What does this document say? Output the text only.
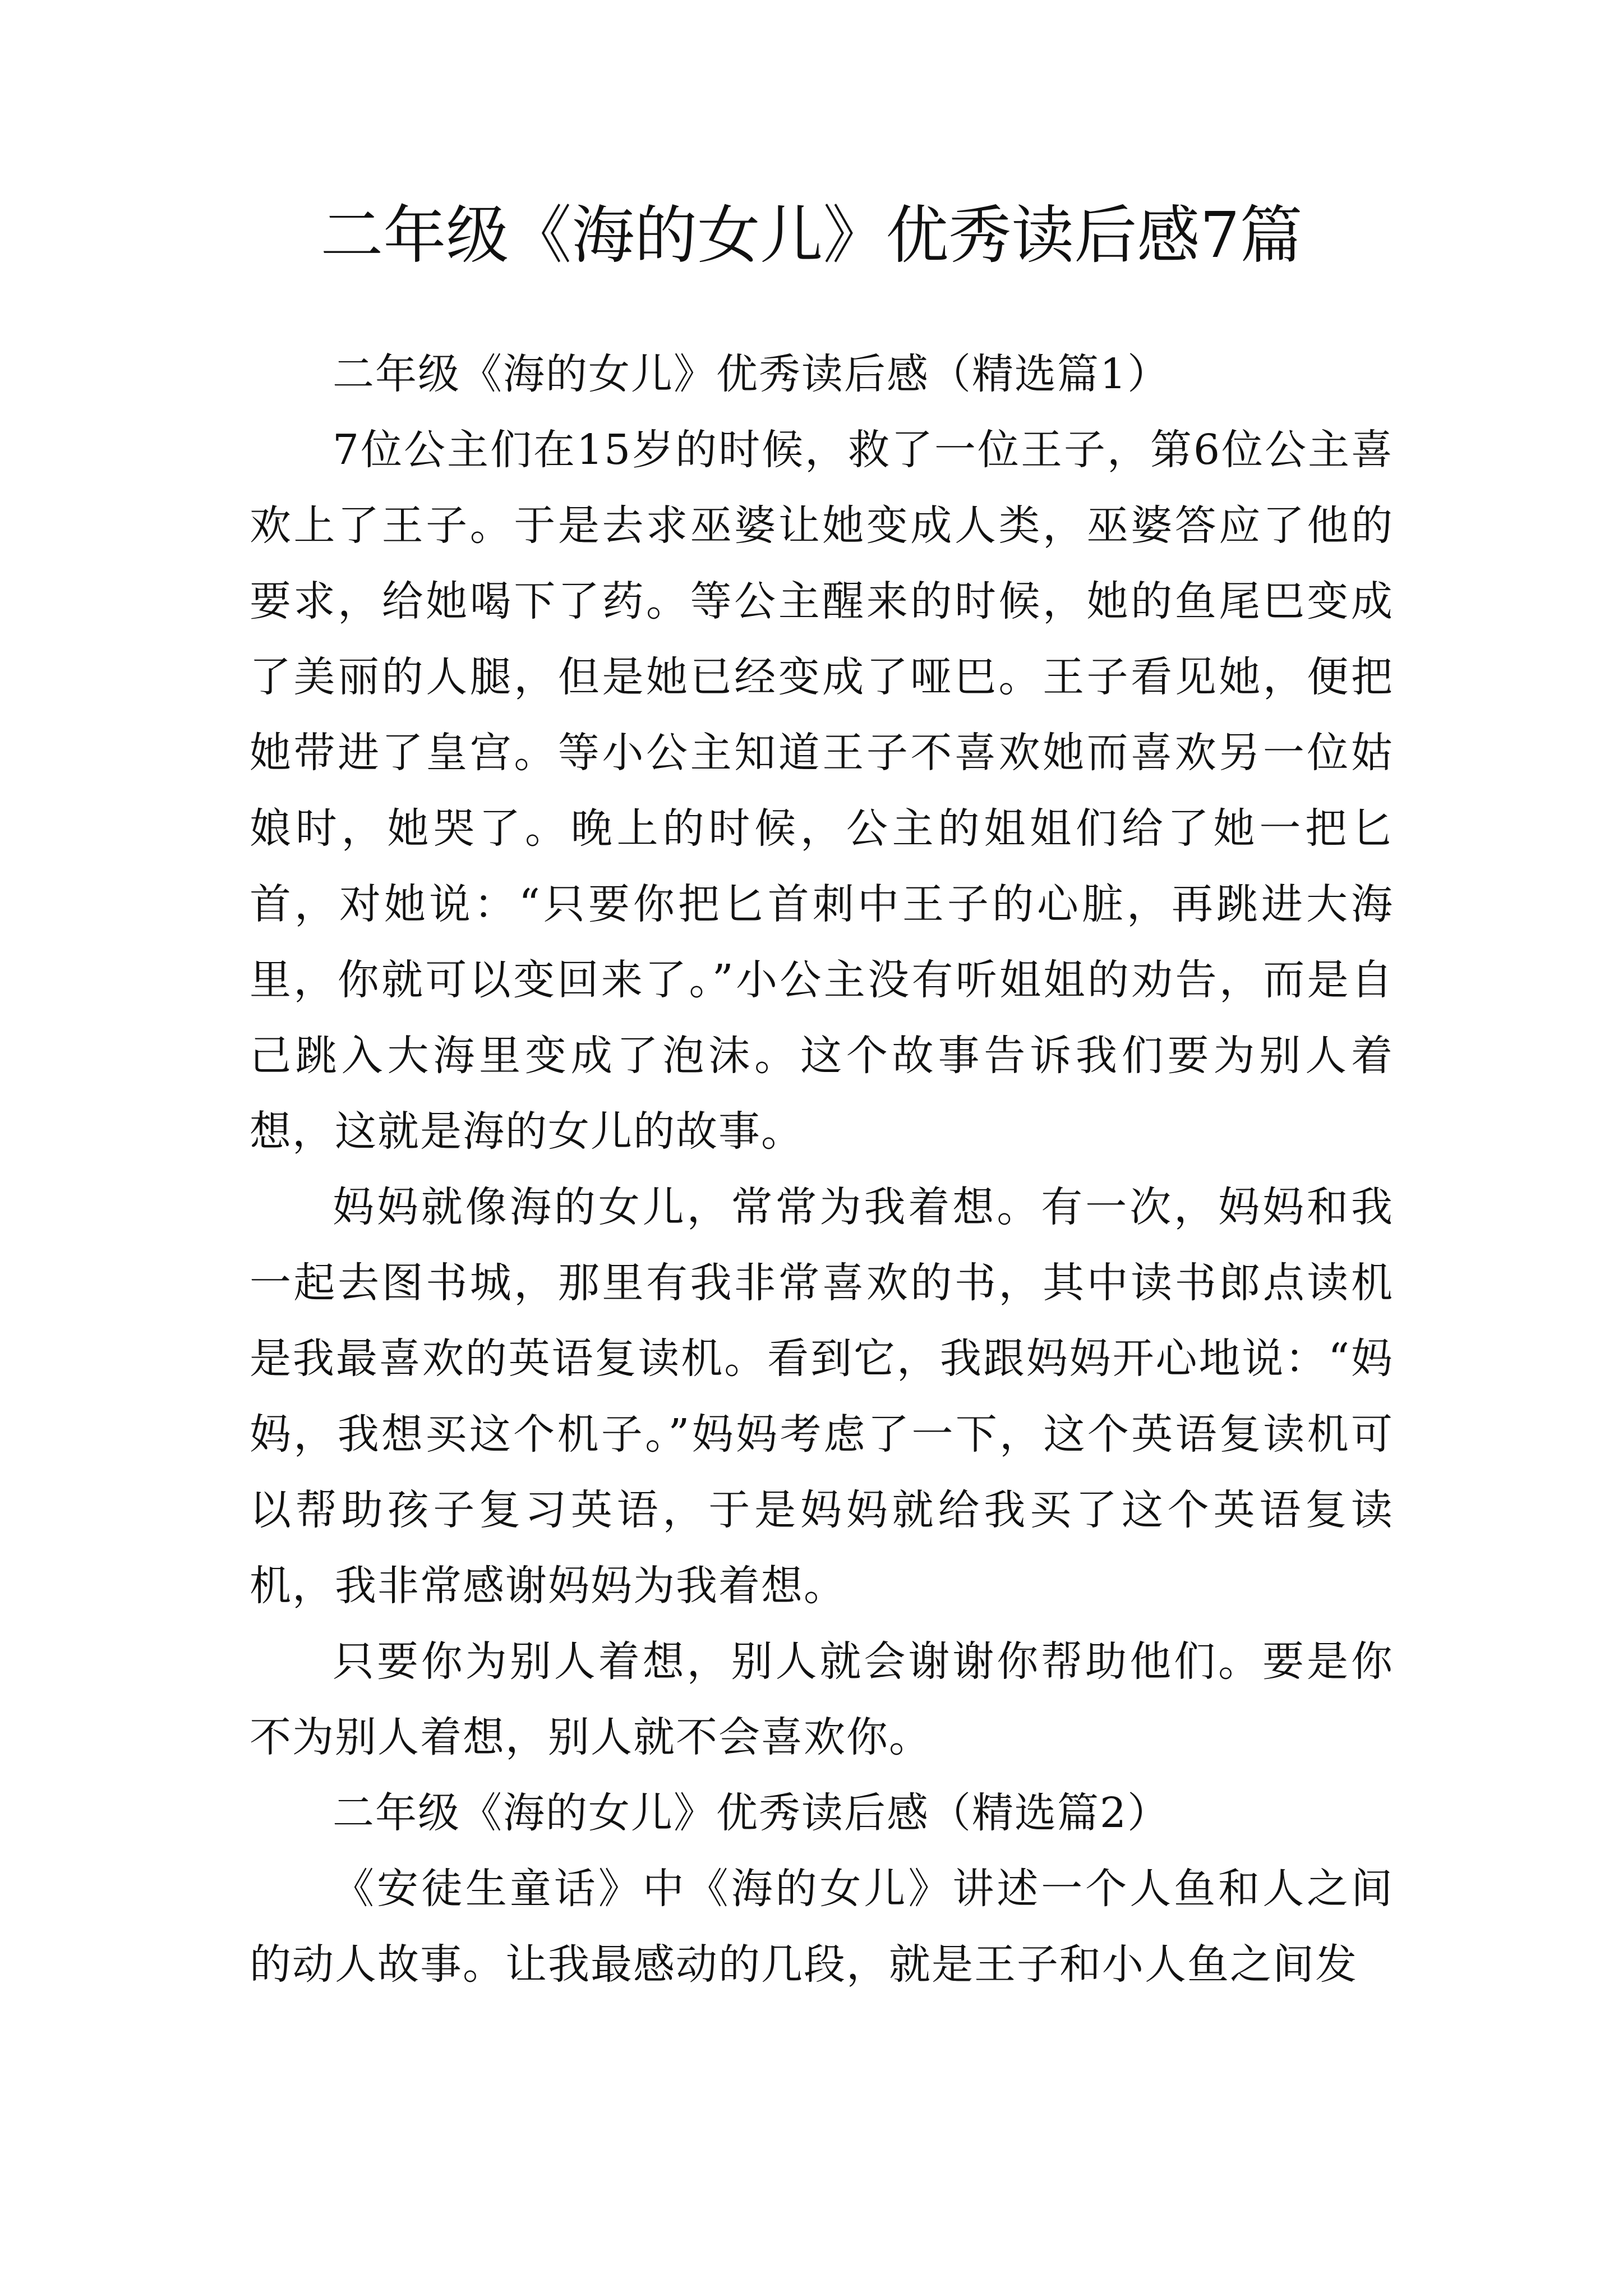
二年级《海的女儿》优秀读后感7篇

二年级《海的女儿》优秀读后感（精选篇1）

7位公主们在15岁的时候，救了一位王子，第6位公主喜欢上了王子。于是去求巫婆让她变成人类，巫婆答应了他的要求，给她喝下了药。等公主醒来的时候，她的鱼尾巴变成了美丽的人腿，但是她已经变成了哑巴。王子看见她，便把她带进了皇宫。等小公主知道王子不喜欢她而喜欢另一位姑娘时，她哭了。晚上的时候，公主的姐姐们给了她一把匕首，对她说：“只要你把匕首刺中王子的心脏，再跳进大海里，你就可以变回来了。”小公主没有听姐姐的劝告，而是自己跳入大海里变成了泡沫。这个故事告诉我们要为别人着想，这就是海的女儿的故事。

妈妈就像海的女儿，常常为我着想。有一次，妈妈和我一起去图书城，那里有我非常喜欢的书，其中读书郎点读机是我最喜欢的英语复读机。看到它，我跟妈妈开心地说：“妈妈，我想买这个机子。”妈妈考虑了一下，这个英语复读机可以帮助孩子复习英语，于是妈妈就给我买了这个英语复读机，我非常感谢妈妈为我着想。

只要你为别人着想，别人就会谢谢你帮助他们。要是你不为别人着想，别人就不会喜欢你。

二年级《海的女儿》优秀读后感（精选篇2）

《安徒生童话》中《海的女儿》讲述一个人鱼和人之间的动人故事。让我最感动的几段，就是王子和小人鱼之间发
